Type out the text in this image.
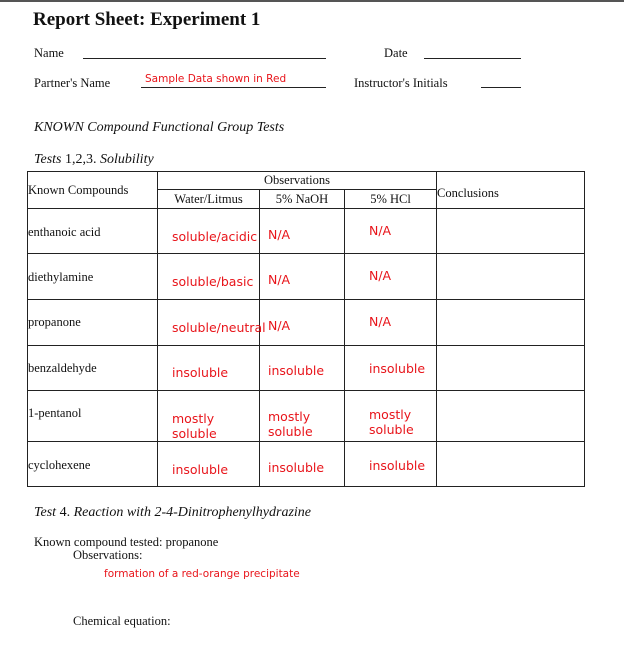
Report Sheet: Experiment 1
Name	Date
Partner's Name	Sample Data shown in Red	Instructor's Initials
KNOWN Compound Functional Group Tests
Tests 1,2,3. Solubility
Known Compounds	Observations			Conclusions
	Water/Litmus	5% NaOH	5% HCl	
enthanoic acid	soluble/acidic	N/A	N/A	
diethylamine	soluble/basic	N/A	N/A	
propanone	soluble/neutral	N/A	N/A	
benzaldehyde	insoluble	insoluble	insoluble	
1-pentanol	mostly soluble	mostly soluble	mostly soluble	
cyclohexene	insoluble	insoluble	insoluble	
Test 4. Reaction with 2-4-Dinitrophenylhydrazine
Known compound tested: propanone
Observations:
formation of a red-orange precipitate
Chemical equation:
